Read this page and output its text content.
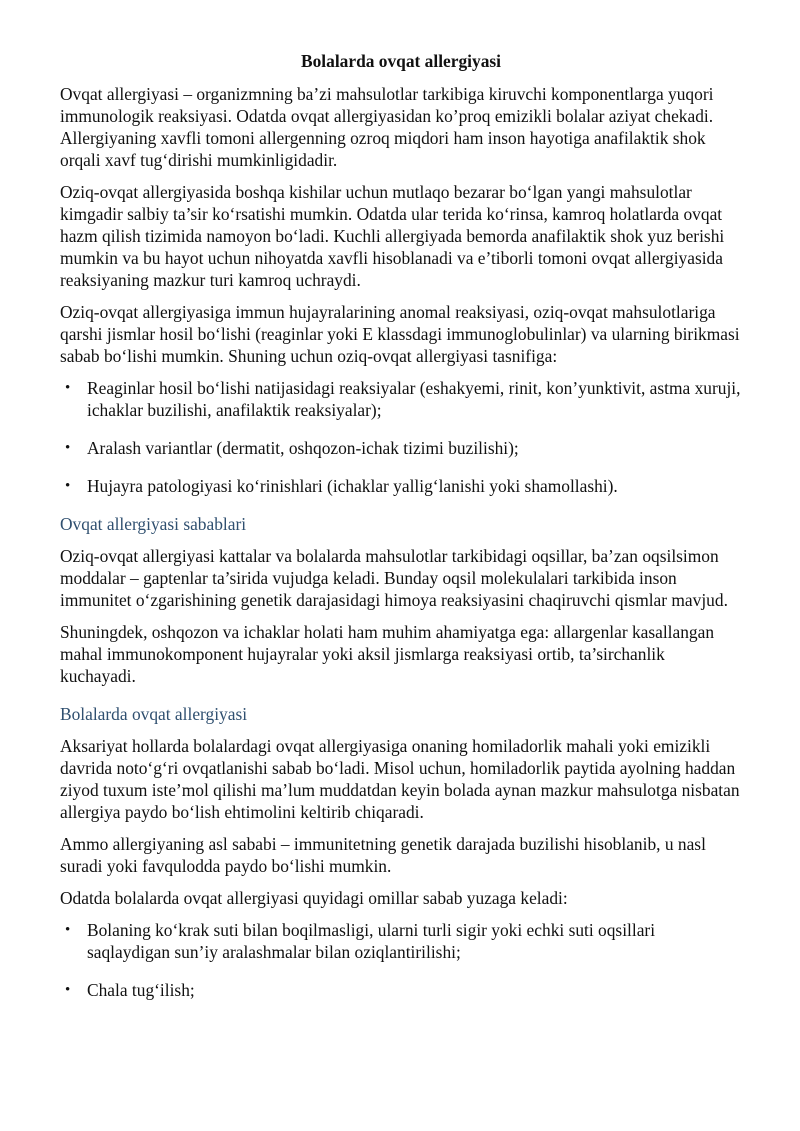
Bolalarda ovqat allergiyasi

Ovqat allergiyasi – organizmning ba’zi mahsulotlar tarkibiga kiruvchi komponentlarga yuqori immunologik reaksiyasi. Odatda ovqat allergiyasidan ko’proq emizikli bolalar aziyat chekadi. Allergiyaning xavfli tomoni allergenning ozroq miqdori ham inson hayotiga anafilaktik shok orqali xavf tug‘dirishi mumkinligidadir.

Oziq-ovqat allergiyasida boshqa kishilar uchun mutlaqo bezarar bo‘lgan yangi mahsulotlar kimgadir salbiy ta’sir ko‘rsatishi mumkin. Odatda ular terida ko‘rinsa, kamroq holatlarda ovqat hazm qilish tizimida namoyon bo‘ladi. Kuchli allergiyada bemorda anafilaktik shok yuz berishi mumkin va bu hayot uchun nihoyatda xavfli hisoblanadi va e’tiborli tomoni ovqat allergiyasida reaksiyaning mazkur turi kamroq uchraydi.

Oziq-ovqat allergiyasiga immun hujayralarining anomal reaksiyasi, oziq-ovqat mahsulotlariga qarshi jismlar hosil bo‘lishi (reaginlar yoki E klassdagi immunoglobulinlar) va ularning birikmasi sabab bo‘lishi mumkin. Shuning uchun oziq-ovqat allergiyasi tasnifiga:

• Reaginlar hosil bo‘lishi natijasidagi reaksiyalar (eshakyemi, rinit, kon’yunktivit, astma xuruji, ichaklar buzilishi, anafilaktik reaksiyalar);
• Aralash variantlar (dermatit, oshqozon-ichak tizimi buzilishi);
• Hujayra patologiyasi ko‘rinishlari (ichaklar yallig‘lanishi yoki shamollashi).
Ovqat allergiyasi sabablari

Oziq-ovqat allergiyasi kattalar va bolalarda mahsulotlar tarkibidagi oqsillar, ba’zan oqsilsimon moddalar – gaptenlar ta’sirida vujudga keladi. Bunday oqsil molekulalari tarkibida inson immunitet o‘zgarishining genetik darajasidagi himoya reaksiyasini chaqiruvchi qismlar mavjud.

Shuningdek, oshqozon va ichaklar holati ham muhim ahamiyatga ega: allargenlar kasallangan mahal immunokomponent hujayralar yoki aksil jismlarga reaksiyasi ortib, ta’sirchanlik kuchayadi.

Bolalarda ovqat allergiyasi

Aksariyat hollarda bolalardagi ovqat allergiyasiga onaning homiladorlik mahali yoki emizikli davrida noto‘g‘ri ovqatlanishi sabab bo‘ladi. Misol uchun, homiladorlik paytida ayolning haddan ziyod tuxum iste’mol qilishi ma’lum muddatdan keyin bolada aynan mazkur mahsulotga nisbatan allergiya paydo bo‘lish ehtimolini keltirib chiqaradi.

Ammo allergiyaning asl sababi – immunitetning genetik darajada buzilishi hisoblanib, u nasl suradi yoki favqulodda paydo bo‘lishi mumkin.

Odatda bolalarda ovqat allergiyasi quyidagi omillar sabab yuzaga keladi:

• Bolaning ko‘krak suti bilan boqilmasligi, ularni turli sigir yoki echki suti oqsillari saqlaydigan sun’iy aralashmalar bilan oziqlantirilishi;
• Chala tug‘ilish;
